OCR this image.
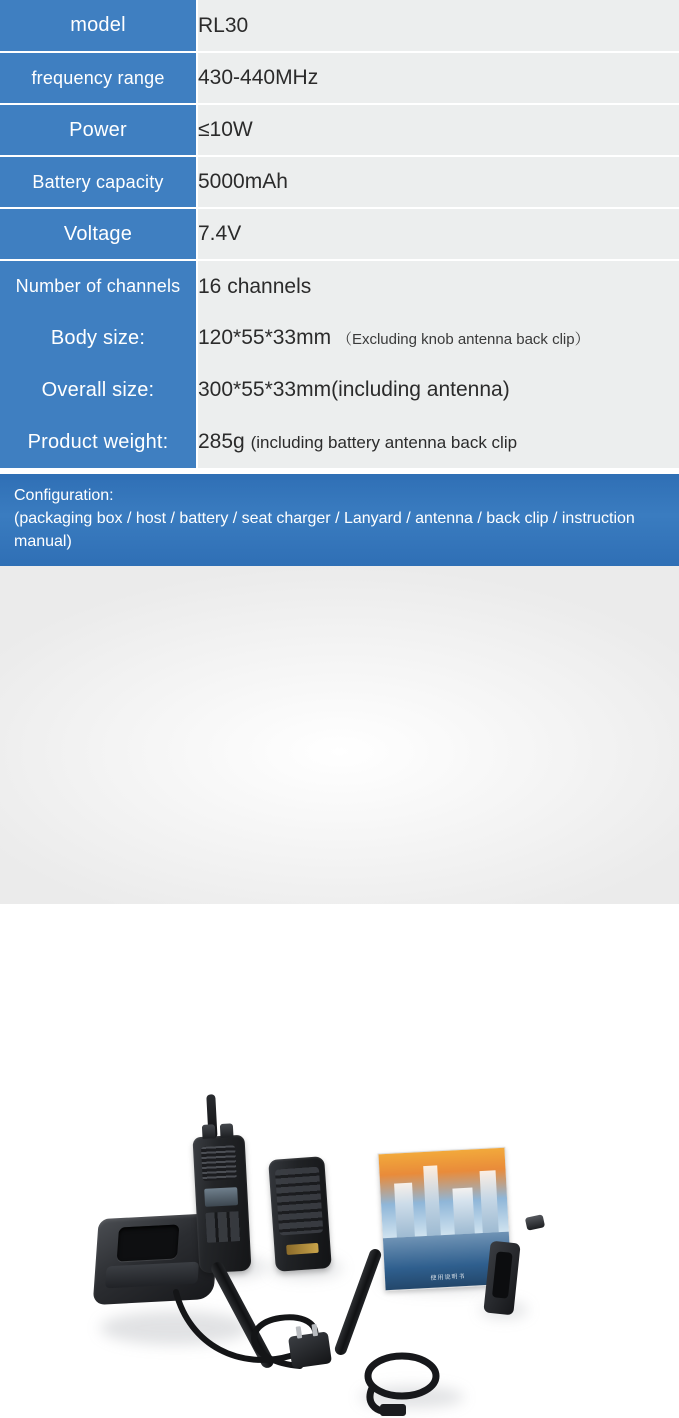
model	RL30
frequency range	430-440MHz
Power	≤10W
Battery capacity	5000mAh
Voltage	7.4V
Number of channels	16 channels
Body size:	120*55*33mm （Excluding knob antenna back clip）
Overall size:	300*55*33mm(including antenna)
Product weight:	285g (including battery antenna back clip
Configuration:
(packaging box / host / battery / seat charger / Lanyard / antenna / back clip / instruction manual)
使用说明书
